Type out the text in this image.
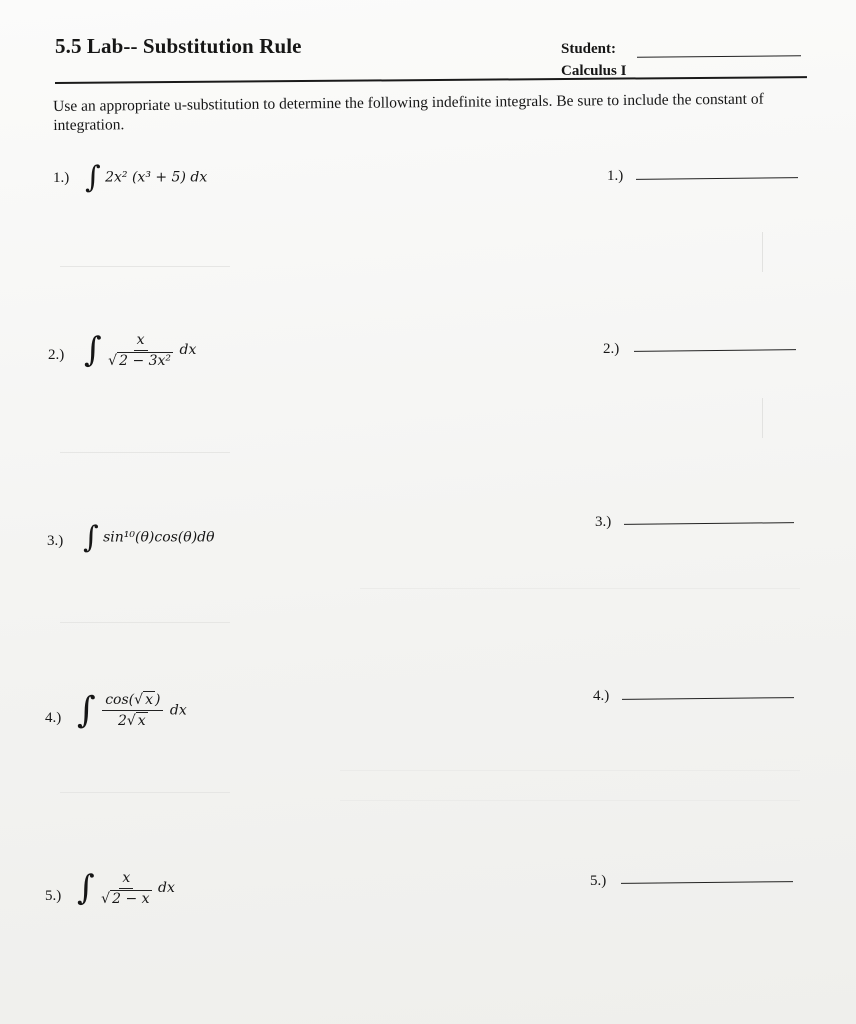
5.5 Lab-- Substitution Rule	Student:
Calculus I
Use an appropriate u-substitution to determine the following indefinite integrals. Be sure to include the constant of integration.
1.) ∫ 2x² (x³ + 5) dx	1.)
2.) ∫ $\frac{x}{\text{√ 2 − 3x²}}$ dx	2.)
3.) ∫ sin¹⁰(θ)cos(θ)dθ
3.)
4.) ∫ $\frac{\cos(√ x )}{2√ x}$ dx
4.)
5.) ∫ $\frac{x}{√ 2 - x}$ dx	5.)
